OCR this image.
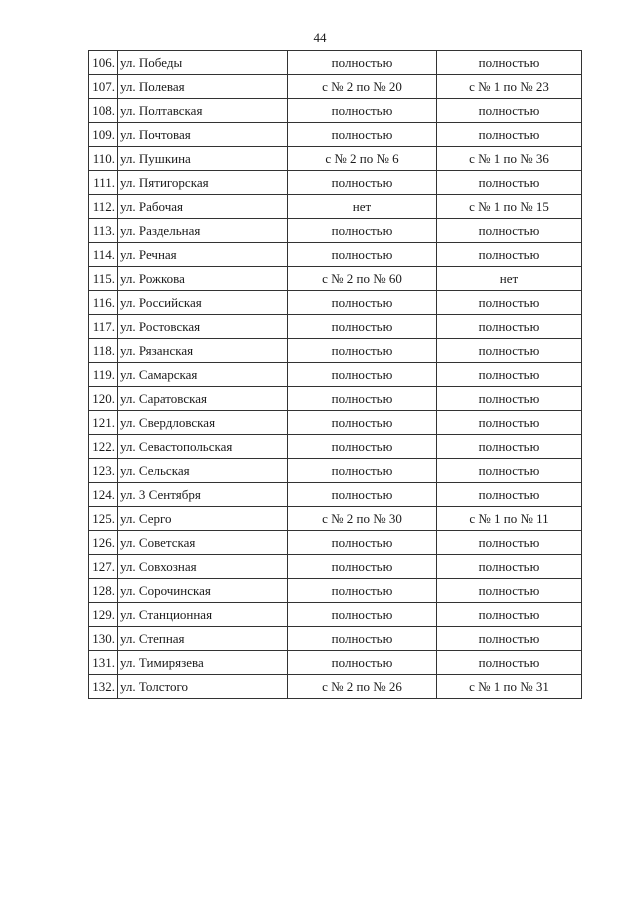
44
106.	ул. Победы	полностью	полностью
107.	ул. Полевая	с № 2 по № 20	с № 1 по № 23
108.	ул. Полтавская	полностью	полностью
109.	ул. Почтовая	полностью	полностью
110.	ул. Пушкина	с № 2 по № 6	с № 1 по № 36
111.	ул. Пятигорская	полностью	полностью
112.	ул. Рабочая	нет	с № 1 по № 15
113.	ул. Раздельная	полностью	полностью
114.	ул. Речная	полностью	полностью
115.	ул. Рожкова	с № 2 по № 60	нет
116.	ул. Российская	полностью	полностью
117.	ул. Ростовская	полностью	полностью
118.	ул. Рязанская	полностью	полностью
119.	ул. Самарская	полностью	полностью
120.	ул. Саратовская	полностью	полностью
121.	ул. Свердловская	полностью	полностью
122.	ул. Севастопольская	полностью	полностью
123.	ул. Сельская	полностью	полностью
124.	ул. 3 Сентября	полностью	полностью
125.	ул. Серго	с № 2 по № 30	с № 1 по № 11
126.	ул. Советская	полностью	полностью
127.	ул. Совхозная	полностью	полностью
128.	ул. Сорочинская	полностью	полностью
129.	ул. Станционная	полностью	полностью
130.	ул. Степная	полностью	полностью
131.	ул. Тимирязева	полностью	полностью
132.	ул. Толстого	с № 2 по № 26	с № 1 по № 31
